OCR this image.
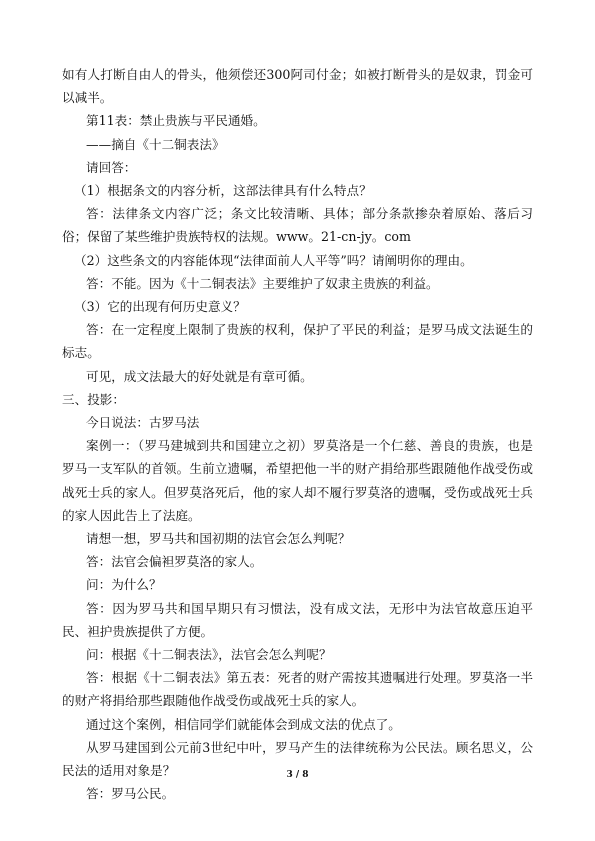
如有人打断自由人的骨头，他须偿还300阿司付金；如被打断骨头的是奴隶，罚金可以减半。

第11表：禁止贵族与平民通婚。

——摘自《十二铜表法》

请回答：

（1）根据条文的内容分析，这部法律具有什么特点？

答：法律条文内容广泛；条文比较清晰、具体；部分条款掺杂着原始、落后习俗；保留了某些维护贵族特权的法规。www。21-cn-jy。com

（2）这些条文的内容能体现“法律面前人人平等”吗？请阐明你的理由。

答：不能。因为《十二铜表法》主要维护了奴隶主贵族的利益。

（3）它的出现有何历史意义？

答：在一定程度上限制了贵族的权利，保护了平民的利益；是罗马成文法诞生的标志。

可见，成文法最大的好处就是有章可循。

三、投影：

今日说法：古罗马法

案例一：（罗马建城到共和国建立之初）罗莫洛是一个仁慈、善良的贵族，也是罗马一支军队的首领。生前立遗嘱，希望把他一半的财产捐给那些跟随他作战受伤或战死士兵的家人。但罗莫洛死后，他的家人却不履行罗莫洛的遗嘱，受伤或战死士兵的家人因此告上了法庭。

请想一想，罗马共和国初期的法官会怎么判呢？

答：法官会偏袒罗莫洛的家人。

问：为什么？

答：因为罗马共和国早期只有习惯法，没有成文法，无形中为法官故意压迫平民、袒护贵族提供了方便。

问：根据《十二铜表法》，法官会怎么判呢？

答：根据《十二铜表法》第五表：死者的财产需按其遗嘱进行处理。罗莫洛一半的财产将捐给那些跟随他作战受伤或战死士兵的家人。

通过这个案例，相信同学们就能体会到成文法的优点了。

从罗马建国到公元前3世纪中叶，罗马产生的法律统称为公民法。顾名思义，公民法的适用对象是？

答：罗马公民。

3 / 8
